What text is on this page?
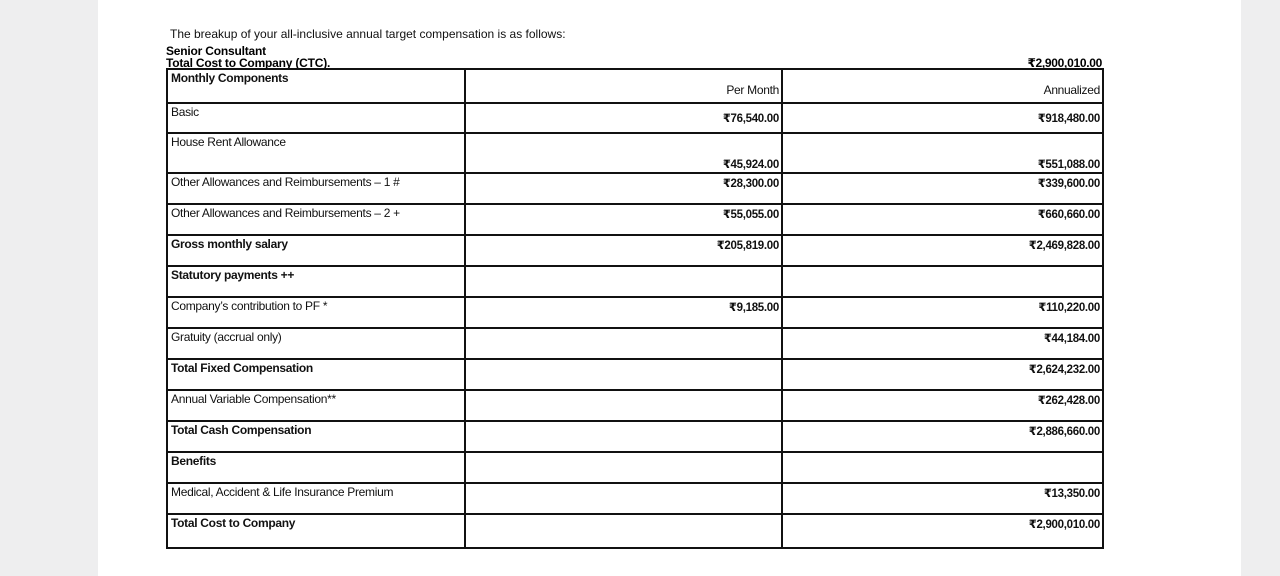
The breakup of your all-inclusive annual target compensation is as follows:
Senior Consultant
Total Cost to Company (CTC).	₹2,900,010.00
Monthly Components	Per Month	Annualized
Basic	₹76,540.00	₹918,480.00
House Rent Allowance	₹45,924.00	₹551,088.00
Other Allowances and Reimbursements – 1 #	₹28,300.00	₹339,600.00
Other Allowances and Reimbursements – 2 +	₹55,055.00	₹660,660.00
Gross monthly salary	₹205,819.00	₹2,469,828.00
Statutory payments ++		
Company’s contribution to PF *	₹9,185.00	₹110,220.00
Gratuity (accrual only)		₹44,184.00
Total Fixed Compensation		₹2,624,232.00
Annual Variable Compensation**		₹262,428.00
Total Cash Compensation		₹2,886,660.00
Benefits		
Medical, Accident & Life Insurance Premium		₹13,350.00
Total Cost to Company		₹2,900,010.00
